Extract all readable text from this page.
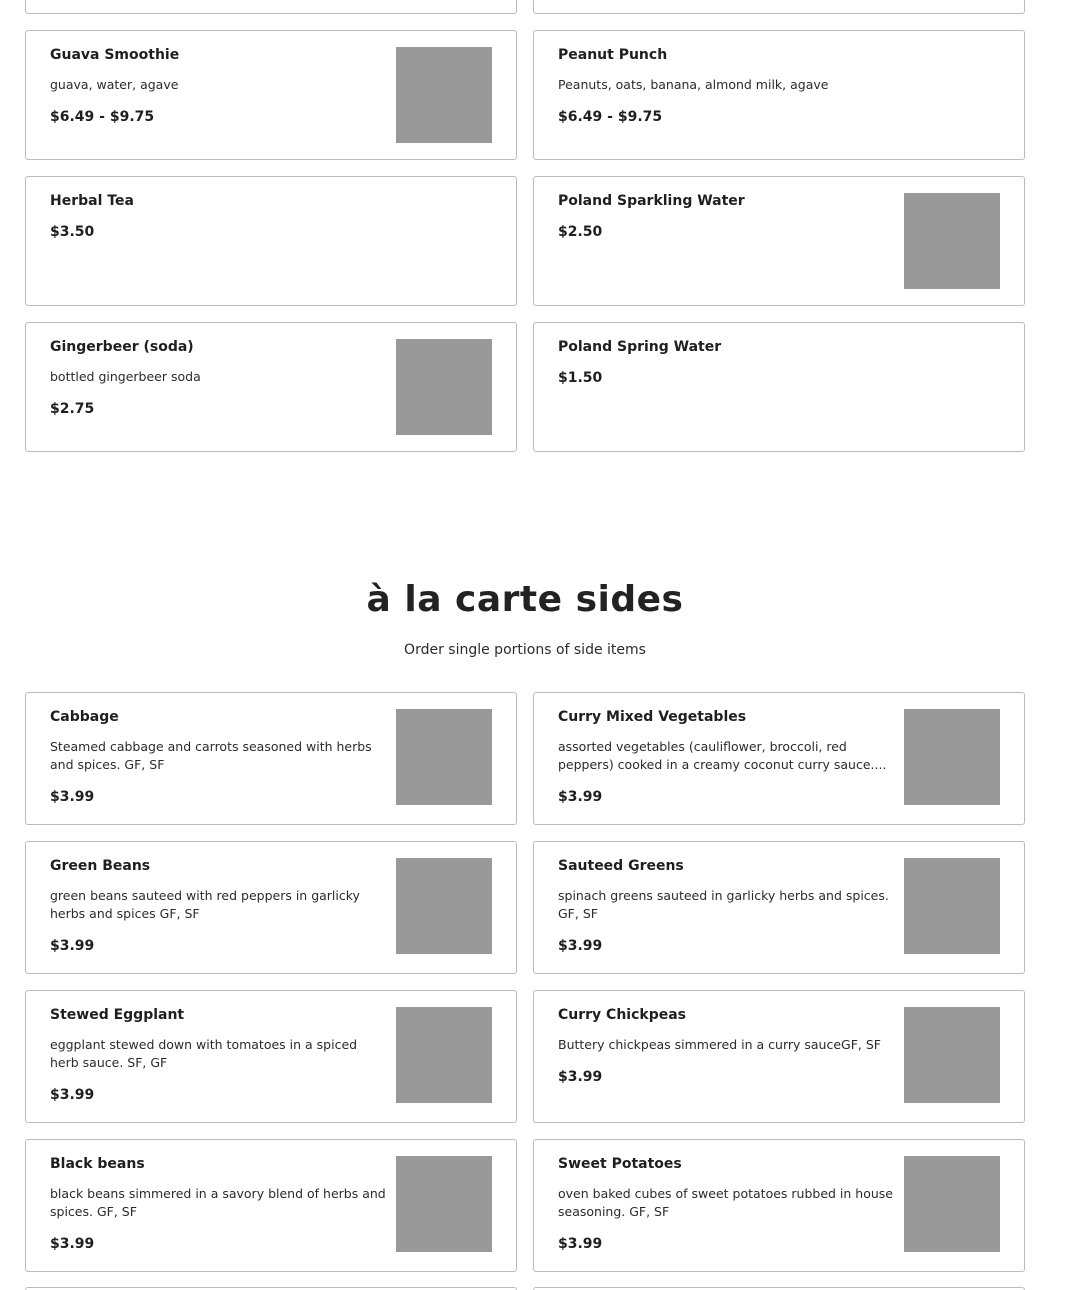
Guava Smoothie
guava, water, agave
$6.49 - $9.75
Peanut Punch
Peanuts, oats, banana, almond milk, agave
$6.49 - $9.75
Herbal Tea
$3.50
Poland Sparkling Water
$2.50
Gingerbeer (soda)
bottled gingerbeer soda
$2.75
Poland Spring Water
$1.50
à la carte sides
Order single portions of side items
Cabbage
Steamed cabbage and carrots seasoned with herbs and spices. GF, SF
$3.99
Curry Mixed Vegetables
assorted vegetables (cauliflower, broccoli, red peppers) cooked in a creamy coconut curry sauce....
$3.99
Green Beans
green beans sauteed with red peppers in garlicky herbs and spices GF, SF
$3.99
Sauteed Greens
spinach greens sauteed in garlicky herbs and spices. GF, SF
$3.99
Stewed Eggplant
eggplant stewed down with tomatoes in a spiced herb sauce. SF, GF
$3.99
Curry Chickpeas
Buttery chickpeas simmered in a curry sauceGF, SF
$3.99
Black beans
black beans simmered in a savory blend of herbs and spices. GF, SF
$3.99
Sweet Potatoes
oven baked cubes of sweet potatoes rubbed in house seasoning. GF, SF
$3.99
